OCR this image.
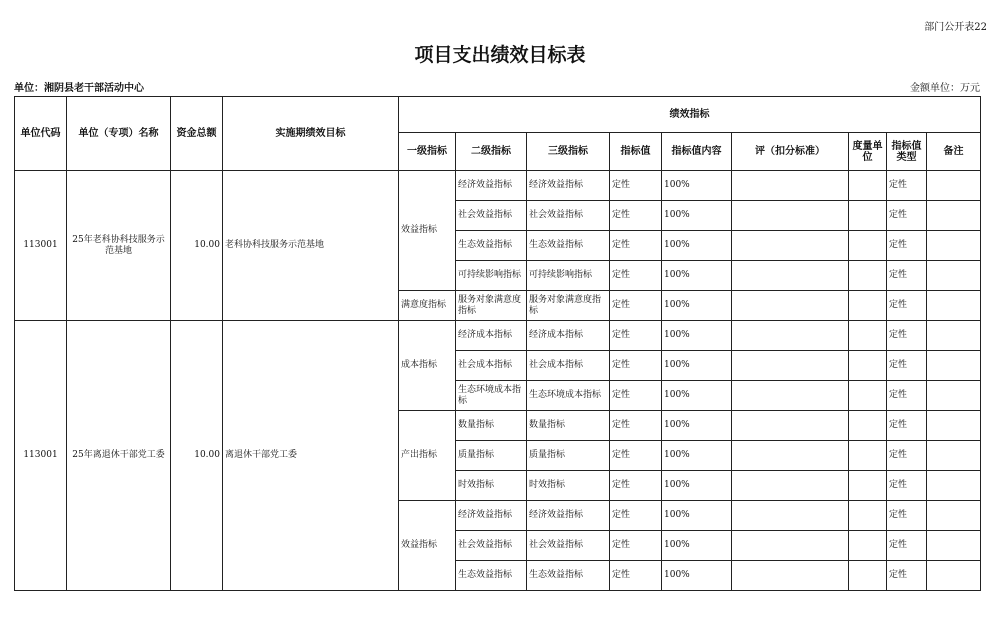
部门公开表22
项目支出绩效目标表
单位：湘阴县老干部活动中心	金额单位：万元
单位代码	单位（专项）名称	资金总额	实施期绩效目标	绩效指标								
				一级指标	二级指标	三级指标	指标值	指标值内容	评（扣分标准）	度量单位	指标值类型	备注
113001	25年老科协科技服务示范基地	10.00	老科协科技服务示范基地	效益指标	经济效益指标	经济效益指标	定性	100%			定性	
					社会效益指标	社会效益指标	定性	100%			定性	
					生态效益指标	生态效益指标	定性	100%			定性	
					可持续影响指标	可持续影响指标	定性	100%			定性	
				满意度指标	服务对象满意度指标	服务对象满意度指标	定性	100%			定性	
113001	25年离退休干部党工委	10.00	离退休干部党工委	成本指标	经济成本指标	经济成本指标	定性	100%			定性	
					社会成本指标	社会成本指标	定性	100%			定性	
					生态环境成本指标	生态环境成本指标	定性	100%			定性	
				产出指标	数量指标	数量指标	定性	100%			定性	
					质量指标	质量指标	定性	100%			定性	
					时效指标	时效指标	定性	100%			定性	
				效益指标	经济效益指标	经济效益指标	定性	100%			定性	
					社会效益指标	社会效益指标	定性	100%			定性	
					生态效益指标	生态效益指标	定性	100%			定性	
